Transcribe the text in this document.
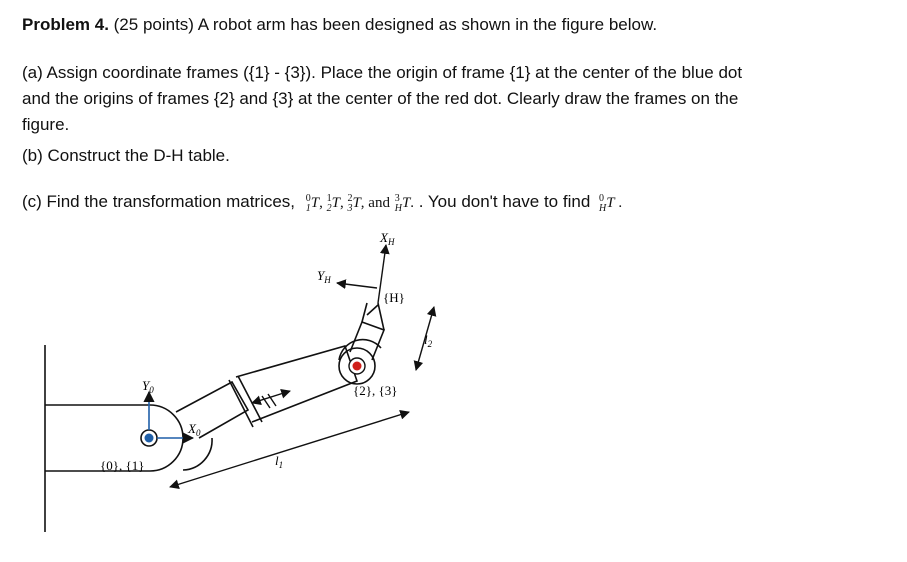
Problem 4. (25 points) A robot arm has been designed as shown in the figure below.
(a) Assign coordinate frames ({1} - {3}). Place the origin of frame {1} at the center of the blue dot
and the origins of frames {2} and {3} at the center of the red dot. Clearly draw the frames on the
figure.
(b) Construct the D-H table.
(c) Find the transformation matrices, $^0_1$T, $^1_2$T, $^2_3$T, and $^3_H$T. . You don't have to find $^0_H$T .
$X_H$
$Y_H$
{H}
$l_2$
$Y_0$
$X_0$
{2}, {3}
{0}, {1}	$l_1$
